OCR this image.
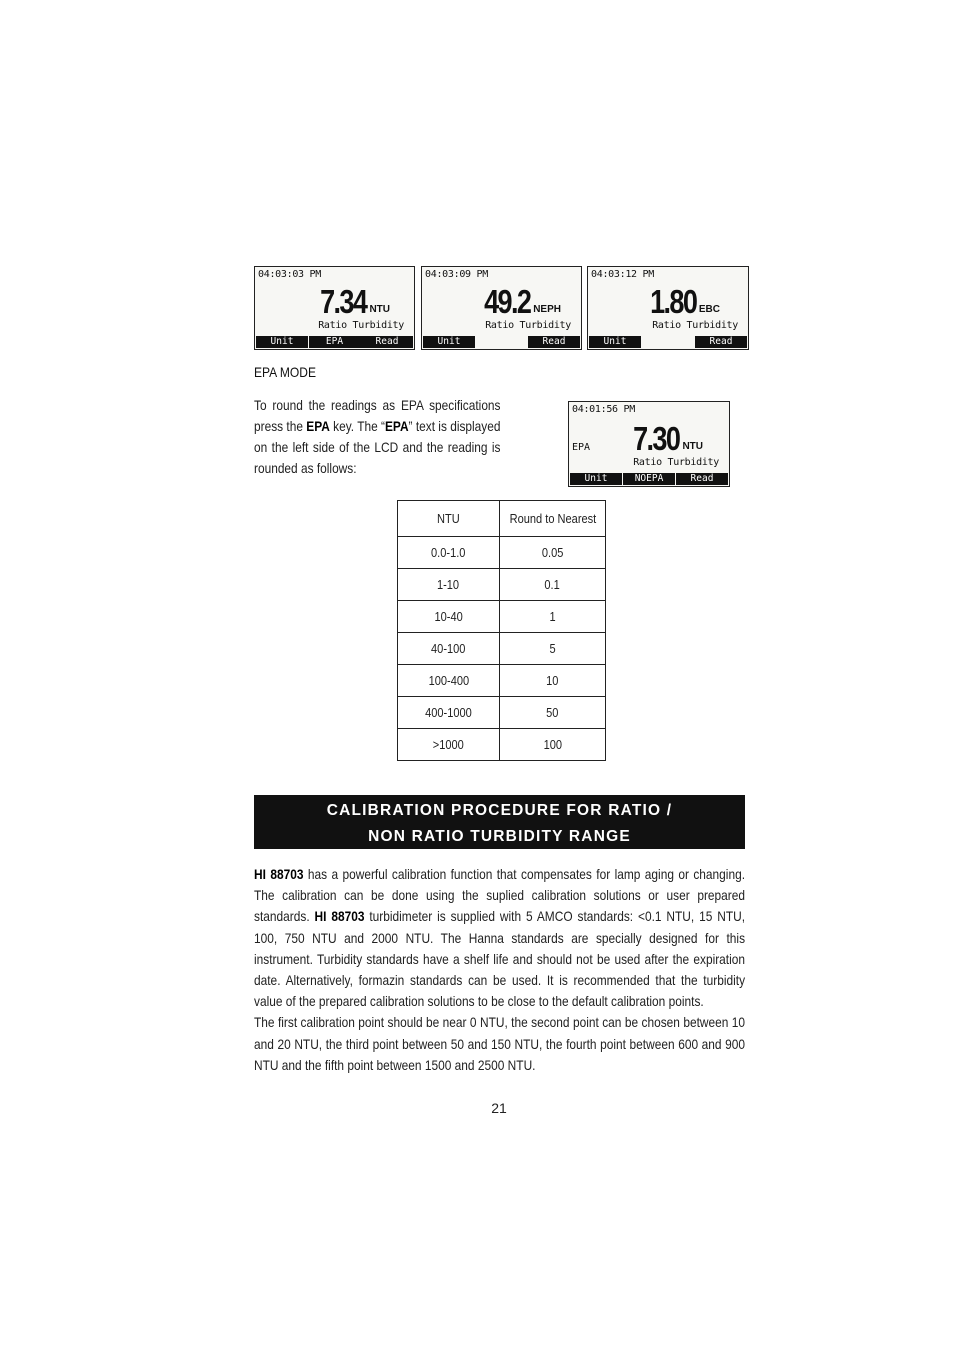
04:03:03 PM
7.34 NTU
Ratio Turbidity
Unit	EPA	Read
04:03:09 PM
49.2 NEPH
Ratio Turbidity
Unit	Read
04:03:12 PM
1.80 EBC
Ratio Turbidity
Unit	Read
EPA MODE
To round the readings as EPA specifications press the EPA key. The “EPA” text is displayed on the left side of the LCD and the reading is rounded as follows:
04:01:56 PM
EPA 7.30 NTU
Ratio Turbidity
Unit	NOEPA	Read
NTU	Round to Nearest
0.0-1.0	0.05
1-10	0.1
10-40	1
40-100	5
100-400	10
400-1000	50
>1000	100
CALIBRATION PROCEDURE FOR RATIO /
NON RATIO TURBIDITY RANGE

HI 88703 has a powerful calibration function that compensates for lamp aging or changing. The calibration can be done using the suplied calibration solutions or user prepared standards. HI 88703 turbidimeter is supplied with 5 AMCO standards: <0.1 NTU, 15 NTU, 100, 750 NTU and 2000 NTU. The Hanna standards are specially designed for this instrument. Turbidity standards have a shelf life and should not be used after the expiration date. Alternatively, formazin standards can be used. It is recommended that the turbidity value of the prepared calibration solutions to be close to the default calibration points.

The first calibration point should be near 0 NTU, the second point can be chosen between 10 and 20 NTU, the third point between 50 and 150 NTU, the fourth point between 600 and 900 NTU and the fifth point between 1500 and 2500 NTU.

21
